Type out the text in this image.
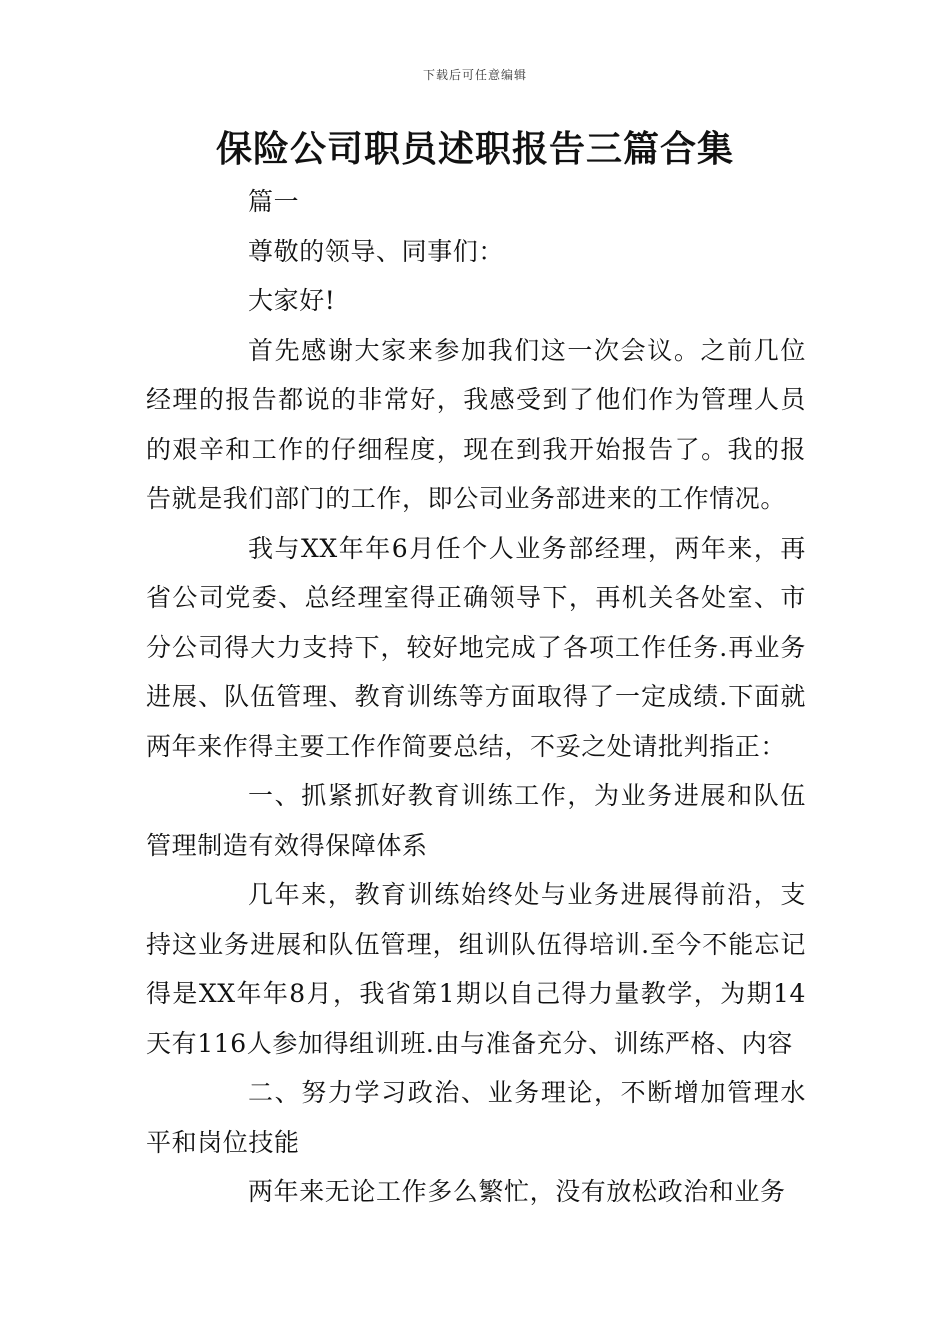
下载后可任意编辑
保险公司职员述职报告三篇合集

篇一

尊敬的领导、同事们：

大家好!

首先感谢大家来参加我们这一次会议。之前几位经理的报告都说的非常好，我感受到了他们作为管理人员的艰辛和工作的仔细程度，现在到我开始报告了。我的报告就是我们部门的工作，即公司业务部进来的工作情况。

我与XX年年6月任个人业务部经理，两年来，再省公司党委、总经理室得正确领导下，再机关各处室、市分公司得大力支持下，较好地完成了各项工作任务.再业务进展、队伍管理、教育训练等方面取得了一定成绩.下面就两年来作得主要工作作简要总结，不妥之处请批判指正：

一、抓紧抓好教育训练工作，为业务进展和队伍管理制造有效得保障体系

几年来，教育训练始终处与业务进展得前沿，支持这业务进展和队伍管理，组训队伍得培训.至今不能忘记得是XX年年8月，我省第1期以自己得力量教学，为期14天有116人参加得组训班.由与准备充分、训练严格、内容

二、努力学习政治、业务理论，不断增加管理水平和岗位技能

两年来无论工作多么繁忙，没有放松政治和业务
